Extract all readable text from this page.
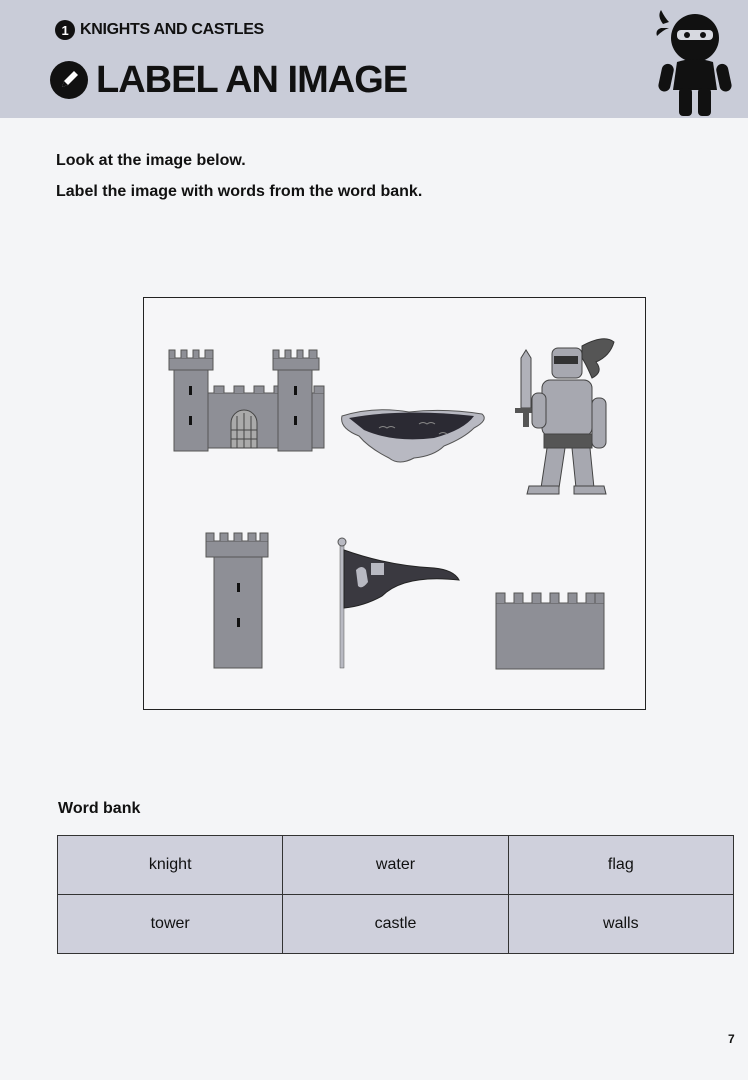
1 KNIGHTS AND CASTLES
LABEL AN IMAGE
Look at the image below.
Label the image with words from the word bank.
Word bank
knight	water	flag
tower	castle	walls
7
